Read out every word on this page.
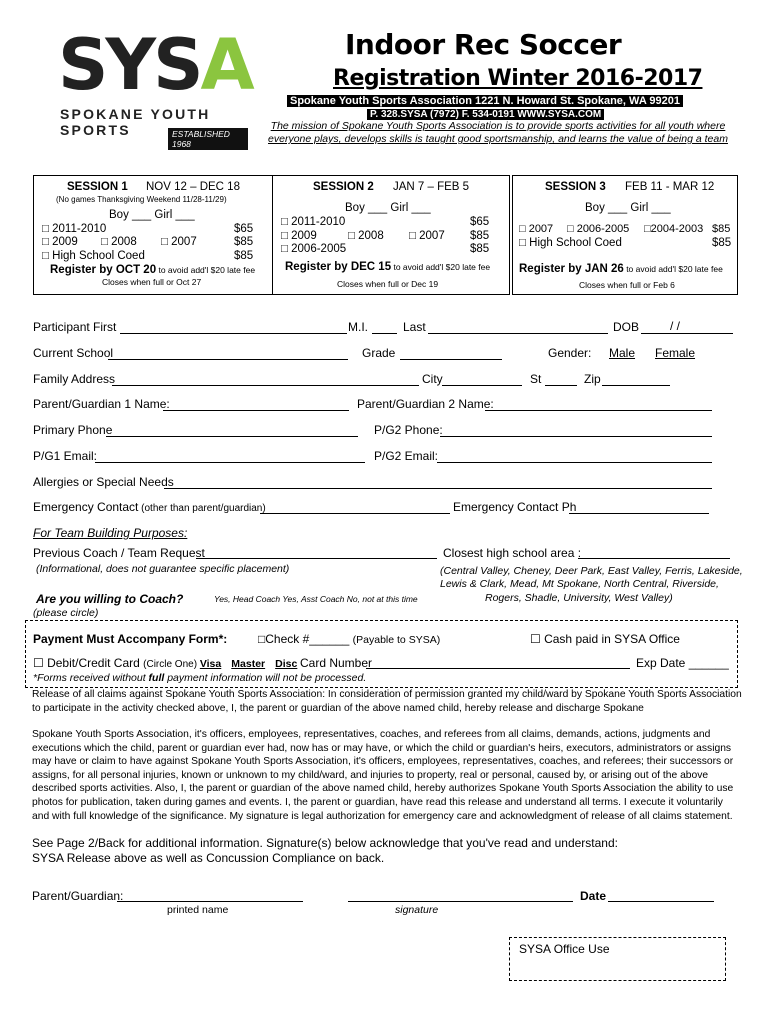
SYSA
SPOKANE YOUTH SPORTS	ESTABLISHED 1968
Indoor Rec Soccer
Registration Winter 2016-2017
Spokane Youth Sports Association 1221 N. Howard St. Spokane, WA 99201
P. 328.SYSA (7972) F. 534-0191 WWW.SYSA.COM
The mission of Spokane Youth Sports Association is to provide sports activities for all youth where
everyone plays, develops skills is taught good sportsmanship, and learns the value of being a team
SESSION 1 NOV 12 – DEC 18
(No games Thanksgiving Weekend 11/28-11/29)
Boy ___ Girl ___
□ 2011-2010	$65
□ 2009 □ 2008 □ 2007	$85
□ High School Coed	$85
Register by OCT 20 to avoid add'l $20 late fee
Closes when full or Oct 27
SESSION 2 JAN 7 – FEB 5
Boy ___ Girl ___
□ 2011-2010	$65
□ 2009	□ 2008 □ 2007 $85
□ 2006-2005	$85
Register by DEC 15 to avoid add'l $20 late fee
Closes when full or Dec 19
SESSION 3 FEB 11 - MAR 12
Boy ___ Girl ___
□ 2007 □ 2006-2005 □2004-2003 $85
□ High School Coed	$85
Register by JAN 26 to avoid add'l $20 late fee
Closes when full or Feb 6
Participant First	M.I.	Last	DOB	/ /
Current School	Grade	Gender: Male Female
Family Address	City	St	Zip
Parent/Guardian 1 Name:	Parent/Guardian 2 Name:
Primary Phone	P/G2 Phone:
P/G1 Email:	P/G2 Email:
Allergies or Special Needs
Emergency Contact (other than parent/guardian)	Emergency Contact Ph
For Team Building Purposes:
Previous Coach / Team Request	Closest high school area :
(Informational, does not guarantee specific placement)	(Central Valley, Cheney, Deer Park, East Valley, Ferris, Lakeside,
Lewis & Clark, Mead, Mt Spokane, North Central, Riverside,
Rogers, Shadle, University, West Valley)
Are you willing to Coach?	Yes, Head Coach Yes, Asst Coach No, not at this time
(please circle)
Payment Must Accompany Form*:	□Check #______ (Payable to SYSA)	☐ Cash paid in SYSA Office
☐ Debit/Credit Card (Circle One) Visa Master Disc Card Number	Exp Date ______
*Forms received without full payment information will not be processed.
Release of all claims against Spokane Youth Sports Association: In consideration of permission granted my child/ward by Spokane Youth Sports Association to participate in the activity checked above, I, the parent or guardian of the above named child, hereby release and discharge Spokane
Spokane Youth Sports Association, it's officers, employees, representatives, coaches, and referees from all claims, demands, actions, judgments and executions which the child, parent or guardian ever had, now has or may have, or which the child or guardian's heirs, executors, administrators or assigns may have or claim to have against Spokane Youth Sports Association, it's officers, employees, representatives, coaches, and referees; their successors or assigns, for all personal injuries, known or unknown to my child/ward, and injuries to property, real or personal, caused by, or arising out of the above described sports activities. Also, I, the parent or guardian of the above named child, hereby authorizes Spokane Youth Sports Association the ability to use photos for publication, taken during games and events. I, the parent or guardian, have read this release and understand all terms. I execute it voluntarily and with full knowledge of the significance. My signature is legal authorization for emergency care and acknowledgment of release of all claims statement.
See Page 2/Back for additional information. Signature(s) below acknowledge that you've read and understand:
SYSA Release above as well as Concussion Compliance on back.
Parent/Guardian:	Date
printed name	signature
SYSA Office Use
